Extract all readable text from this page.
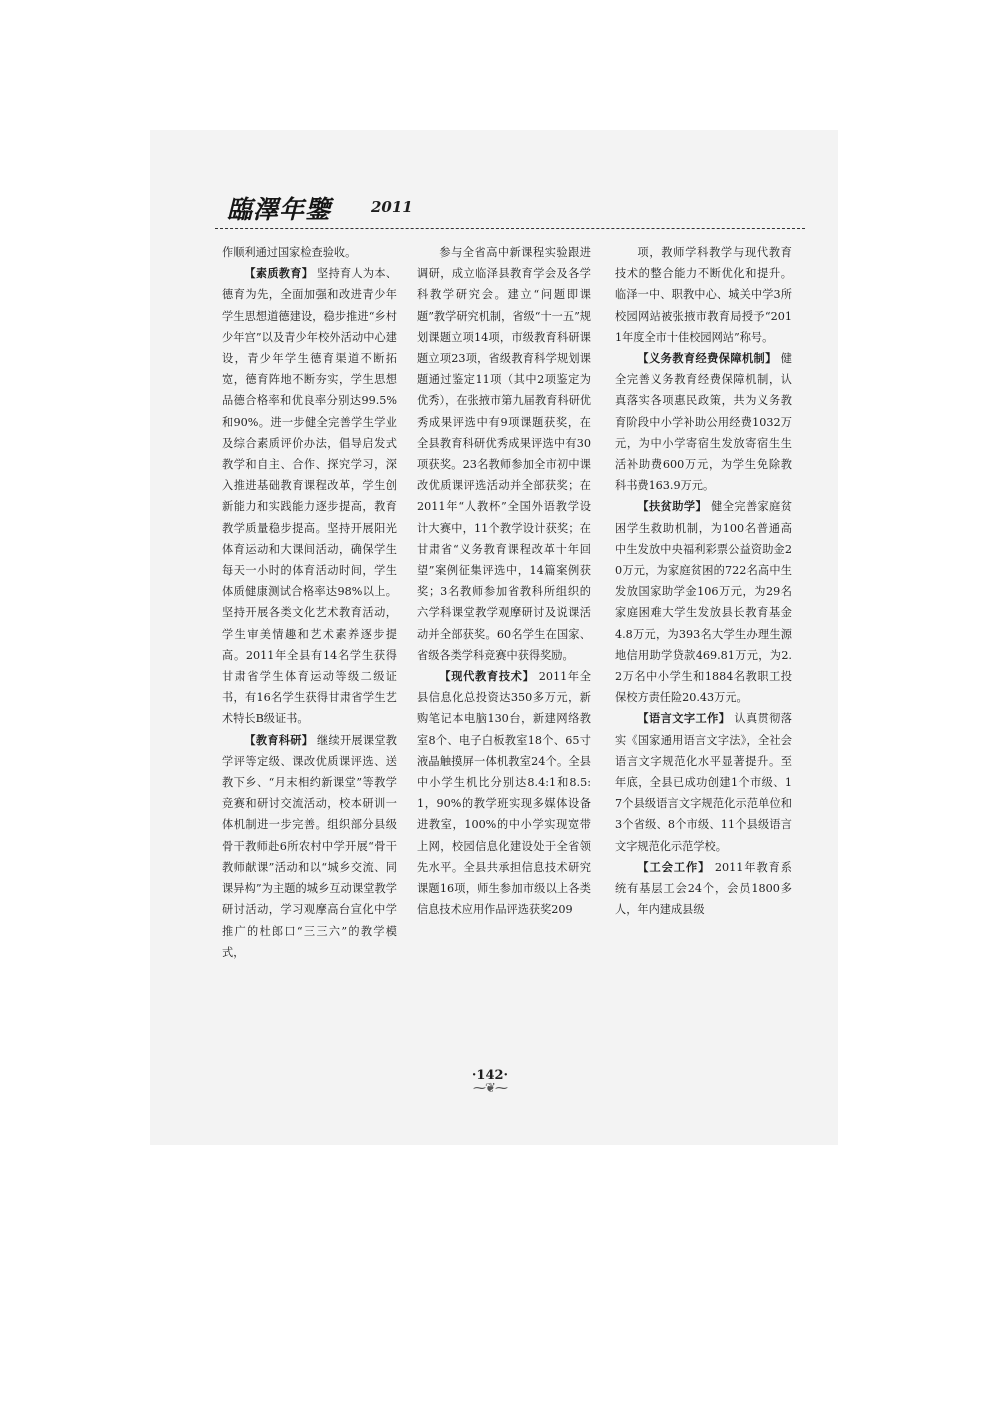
臨澤年鑒	2011

作顺利通过国家检查验收。

【素质教育】 坚持育人为本、德育为先，全面加强和改进青少年学生思想道德建设，稳步推进“乡村少年宫”以及青少年校外活动中心建设，青少年学生德育渠道不断拓宽，德育阵地不断夯实，学生思想品德合格率和优良率分别达99.5%和90%。进一步健全完善学生学业及综合素质评价办法，倡导启发式教学和自主、合作、探究学习，深入推进基础教育课程改革，学生创新能力和实践能力逐步提高，教育教学质量稳步提高。坚持开展阳光体育运动和大课间活动，确保学生每天一小时的体育活动时间，学生体质健康测试合格率达98%以上。坚持开展各类文化艺术教育活动，学生审美情趣和艺术素养逐步提高。2011年全县有14名学生获得甘肃省学生体育运动等级二级证书，有16名学生获得甘肃省学生艺术特长B级证书。

【教育科研】 继续开展课堂教学评等定级、课改优质课评选、送教下乡、“月末相约新课堂”等教学竞赛和研讨交流活动，校本研训一体机制进一步完善。组织部分县级骨干教师赴6所农村中学开展“骨干教师献课”活动和以“城乡交流、同课异构”为主题的城乡互动课堂教学研讨活动，学习观摩高台宣化中学推广的杜郎口“三三六”的教学模式，

参与全省高中新课程实验跟进调研，成立临泽县教育学会及各学科教学研究会。建立“问题即课题”教学研究机制，省级“十一五”规划课题立项14项，市级教育科研课题立项23项，省级教育科学规划课题通过鉴定11项（其中2项鉴定为优秀），在张掖市第九届教育科研优秀成果评选中有9项课题获奖，在全县教育科研优秀成果评选中有30项获奖。23名教师参加全市初中课改优质课评选活动并全部获奖；在2011年“人教杯”全国外语教学设计大赛中，11个教学设计获奖；在甘肃省“义务教育课程改革十年回望”案例征集评选中，14篇案例获奖；3名教师参加省教科所组织的六学科课堂教学观摩研讨及说课活动并全部获奖。60名学生在国家、省级各类学科竞赛中获得奖励。

【现代教育技术】 2011年全县信息化总投资达350多万元，新购笔记本电脑130台，新建网络教室8个、电子白板教室18个、65寸液晶触摸屏一体机教室24个。全县中小学生机比分别达8.4:1和8.5:1，90%的教学班实现多媒体设备进教室，100%的中小学实现宽带上网，校园信息化建设处于全省领先水平。全县共承担信息技术研究课题16项，师生参加市级以上各类信息技术应用作品评选获奖209

项，教师学科教学与现代教育技术的整合能力不断优化和提升。临泽一中、职教中心、城关中学3所校园网站被张掖市教育局授予“2011年度全市十佳校园网站”称号。

【义务教育经费保障机制】 健全完善义务教育经费保障机制，认真落实各项惠民政策，共为义务教育阶段中小学补助公用经费1032万元，为中小学寄宿生发放寄宿生生活补助费600万元，为学生免除教科书费163.9万元。

【扶贫助学】 健全完善家庭贫困学生救助机制，为100名普通高中生发放中央福利彩票公益资助金20万元，为家庭贫困的722名高中生发放国家助学金106万元，为29名家庭困难大学生发放县长教育基金4.8万元，为393名大学生办理生源地信用助学贷款469.81万元，为2.2万名中小学生和1884名教职工投保校方责任险20.43万元。

【语言文字工作】 认真贯彻落实《国家通用语言文字法》，全社会语言文字规范化水平显著提升。至年底，全县已成功创建1个市级、17个县级语言文字规范化示范单位和3个省级、8个市级、11个县级语言文字规范化示范学校。

【工会工作】 2011年教育系统有基层工会24个，会员1800多人，年内建成县级

·142·
⁓❦⁓
